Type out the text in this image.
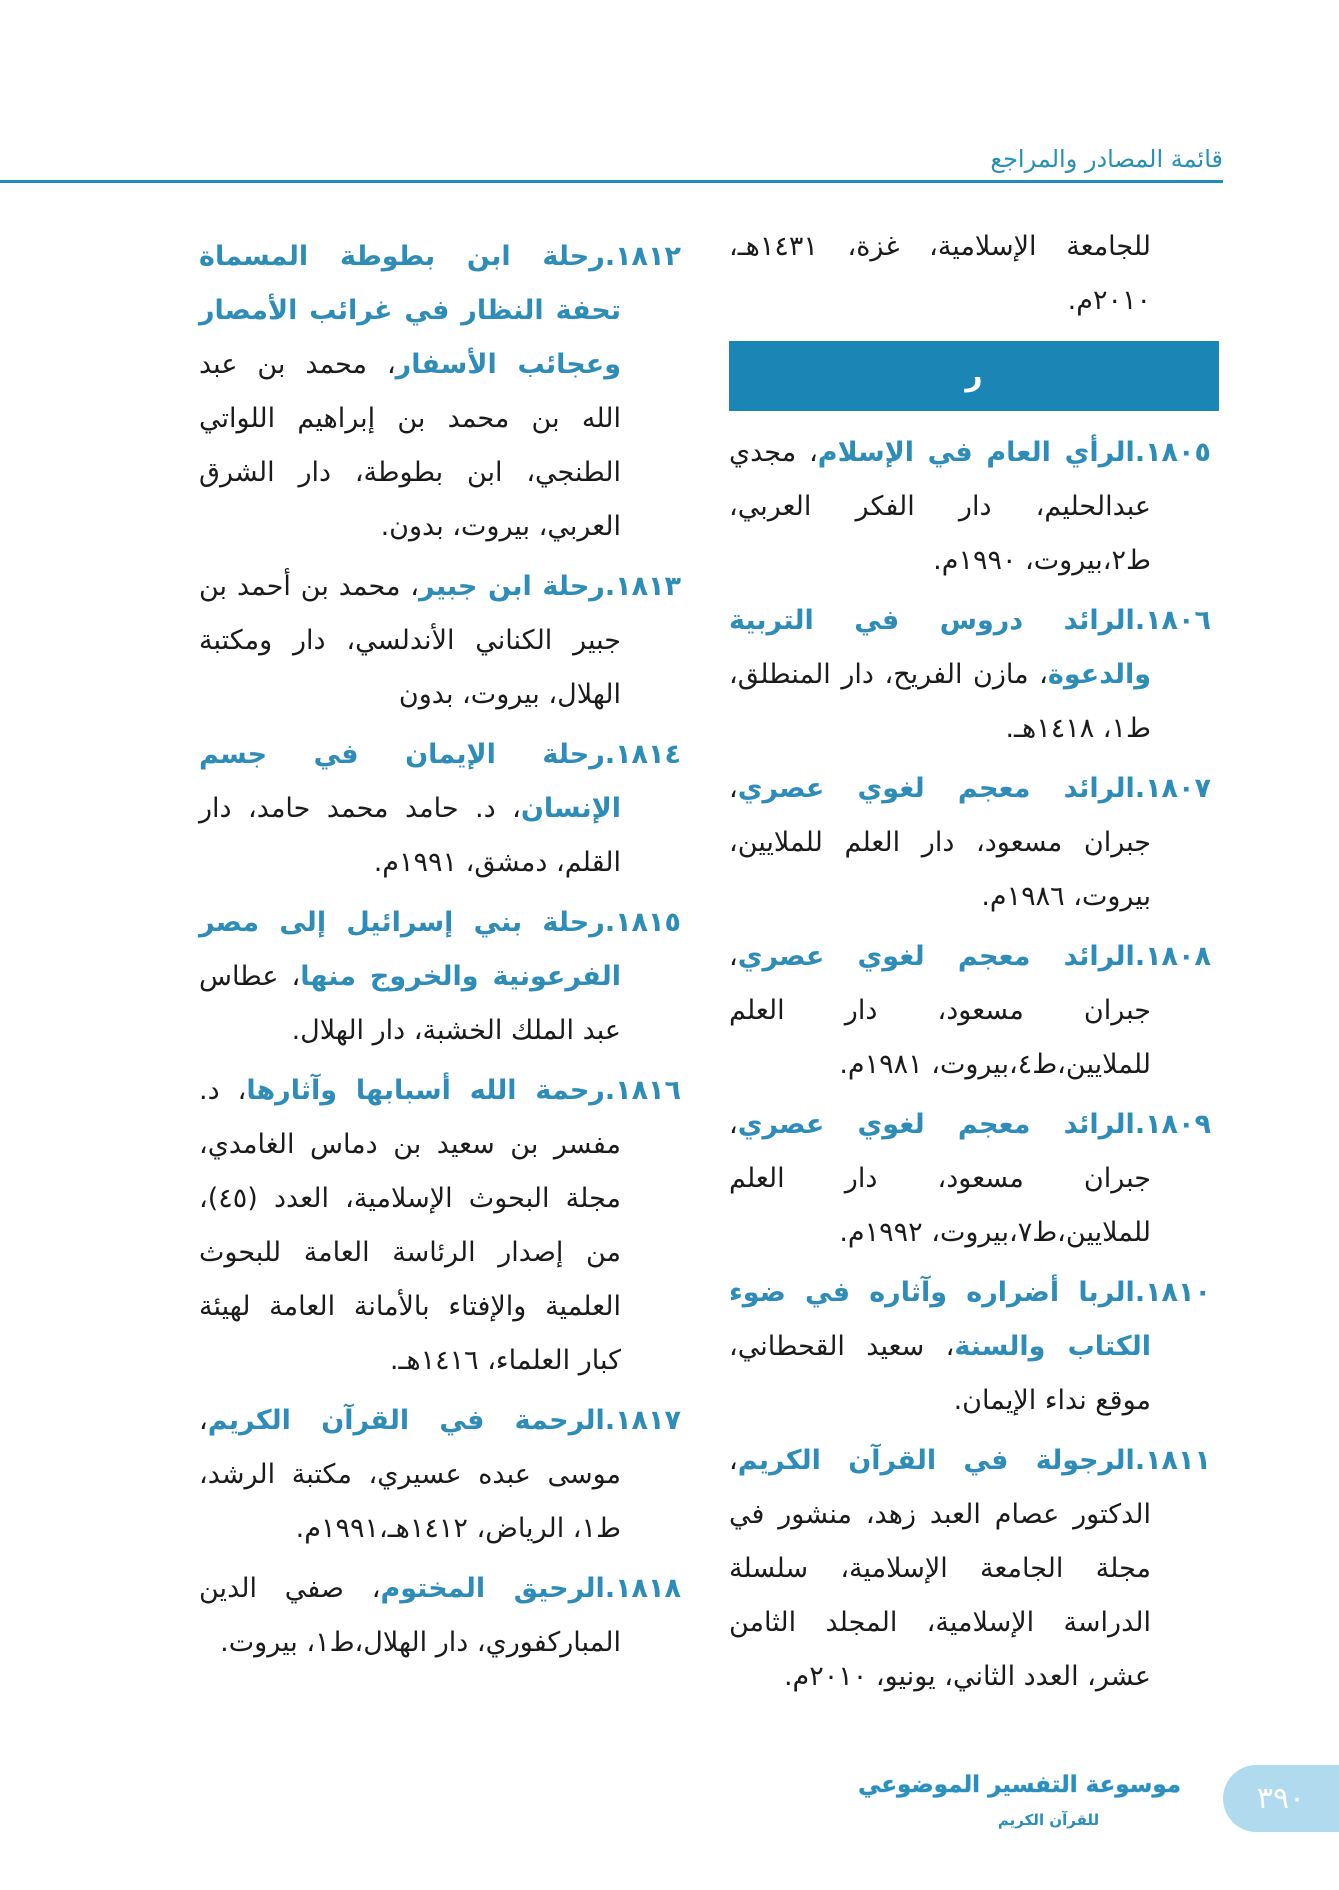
قائمة المصادر والمراجع

للجامعة الإسلامية، غزة، ١٤٣١هـ، ٢٠١٠م.

ر

١٨٠٥.الرأي العام في الإسلام، مجدي عبدالحليم، دار الفكر العربي، ط٢،بيروت، ١٩٩٠م.

١٨٠٦.الرائد دروس في التربية والدعوة، مازن الفريح، دار المنطلق، ط١، ١٤١٨هـ.

١٨٠٧.الرائد معجم لغوي عصري، جبران مسعود، دار العلم للملايين، بيروت، ١٩٨٦م.

١٨٠٨.الرائد معجم لغوي عصري، جبران مسعود، دار العلم للملايين،ط٤،بيروت، ١٩٨١م.

١٨٠٩.الرائد معجم لغوي عصري، جبران مسعود، دار العلم للملايين،ط٧،بيروت، ١٩٩٢م.

١٨١٠.الربا أضراره وآثاره في ضوء الكتاب والسنة، سعيد القحطاني، موقع نداء الإيمان.

١٨١١.الرجولة في القرآن الكريم، الدكتور عصام العبد زهد، منشور في مجلة الجامعة الإسلامية، سلسلة الدراسة الإسلامية، المجلد الثامن عشر، العدد الثاني، يونيو، ٢٠١٠م.

١٨١٢.رحلة ابن بطوطة المسماة تحفة النظار في غرائب الأمصار وعجائب الأسفار، محمد بن عبد الله بن محمد بن إبراهيم اللواتي الطنجي، ابن بطوطة، دار الشرق العربي، بيروت، بدون.

١٨١٣.رحلة ابن جبير، محمد بن أحمد بن جبير الكناني الأندلسي، دار ومكتبة الهلال، بيروت، بدون

١٨١٤.رحلة الإيمان في جسم الإنسان، د. حامد محمد حامد، دار القلم، دمشق، ١٩٩١م.

١٨١٥.رحلة بني إسرائيل إلى مصر الفرعونية والخروج منها، عطاس عبد الملك الخشبة، دار الهلال.

١٨١٦.رحمة الله أسبابها وآثارها، د. مفسر بن سعيد بن دماس الغامدي، مجلة البحوث الإسلامية، العدد (٤٥)، من إصدار الرئاسة العامة للبحوث العلمية والإفتاء بالأمانة العامة لهيئة كبار العلماء، ١٤١٦هـ.

١٨١٧.الرحمة في القرآن الكريم، موسى عبده عسيري، مكتبة الرشد، ط١، الرياض، ١٤١٢هـ،١٩٩١م.

١٨١٨.الرحيق المختوم، صفي الدين المباركفوري، دار الهلال،ط١، بيروت.

موسوعة التفسير الموضوعي
للقرآن الكريم
٣٩٠
